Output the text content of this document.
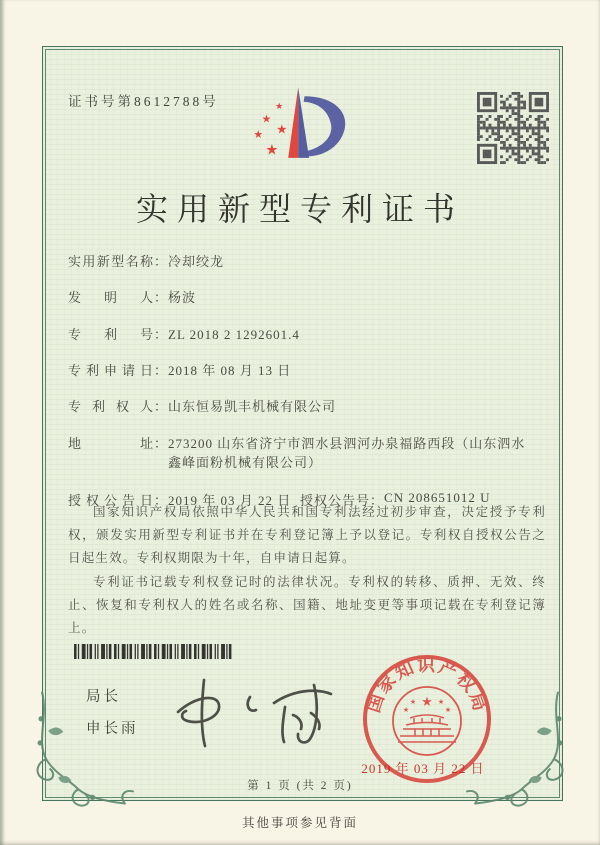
证书号第8612788号	★
★
★
★
★
实用新型专利证书
实用新型名称 ： 冷却绞龙
发明人 ： 杨波
专利号 ： ZL 2018 2 1292601.4
专利申请日 ： 2018 年 08 月 13 日
专利权人 ： 山东恒易凯丰机械有限公司
地址 ： 273200 山东省济宁市泗水县泗河办泉福路西段（山东泗水鑫峰面粉机械有限公司）
授权公告日 ： 2019 年 03 月 22 日 授权公告号 ： CN 208651012 U

国家知识产权局依照中华人民共和国专利法经过初步审查，决定授予专利权，颁发实用新型专利证书并在专利登记簿上予以登记。专利权自授权公告之日起生效。专利权期限为十年，自申请日起算。

专利证书记载专利权登记时的法律状况。专利权的转移、质押、无效、终止、恢复和专利权人的姓名或名称、国籍、地址变更等事项记载在专利登记簿上。

局长
申长雨
国家知识产权局
★
★	★
★	★
2019 年 03 月 22 日
第 1 页 (共 2 页)
其他事项参见背面
